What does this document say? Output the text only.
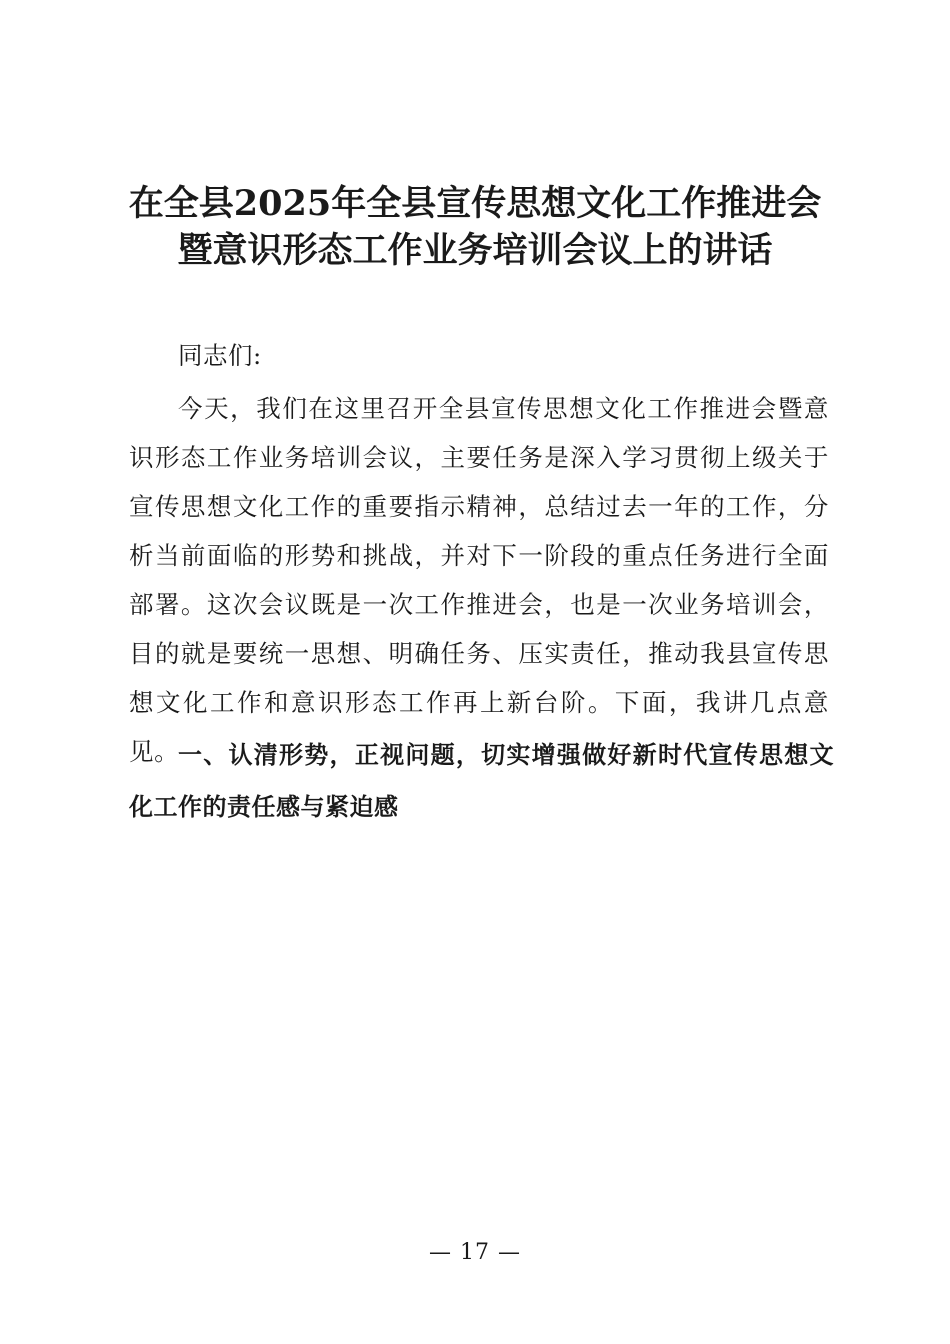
在全县2025年全县宣传思想文化工作推进会
暨意识形态工作业务培训会议上的讲话

同志们:

今天，我们在这里召开全县宣传思想文化工作推进会暨意识形态工作业务培训会议，主要任务是深入学习贯彻上级关于宣传思想文化工作的重要指示精神，总结过去一年的工作，分析当前面临的形势和挑战，并对下一阶段的重点任务进行全面部署。这次会议既是一次工作推进会，也是一次业务培训会，目的就是要统一思想、明确任务、压实责任，推动我县宣传思想文化工作和意识形态工作再上新台阶。下面，我讲几点意见。

一、认清形势，正视问题，切实增强做好新时代宣传思想文化工作的责任感与紧迫感

— 17 —
